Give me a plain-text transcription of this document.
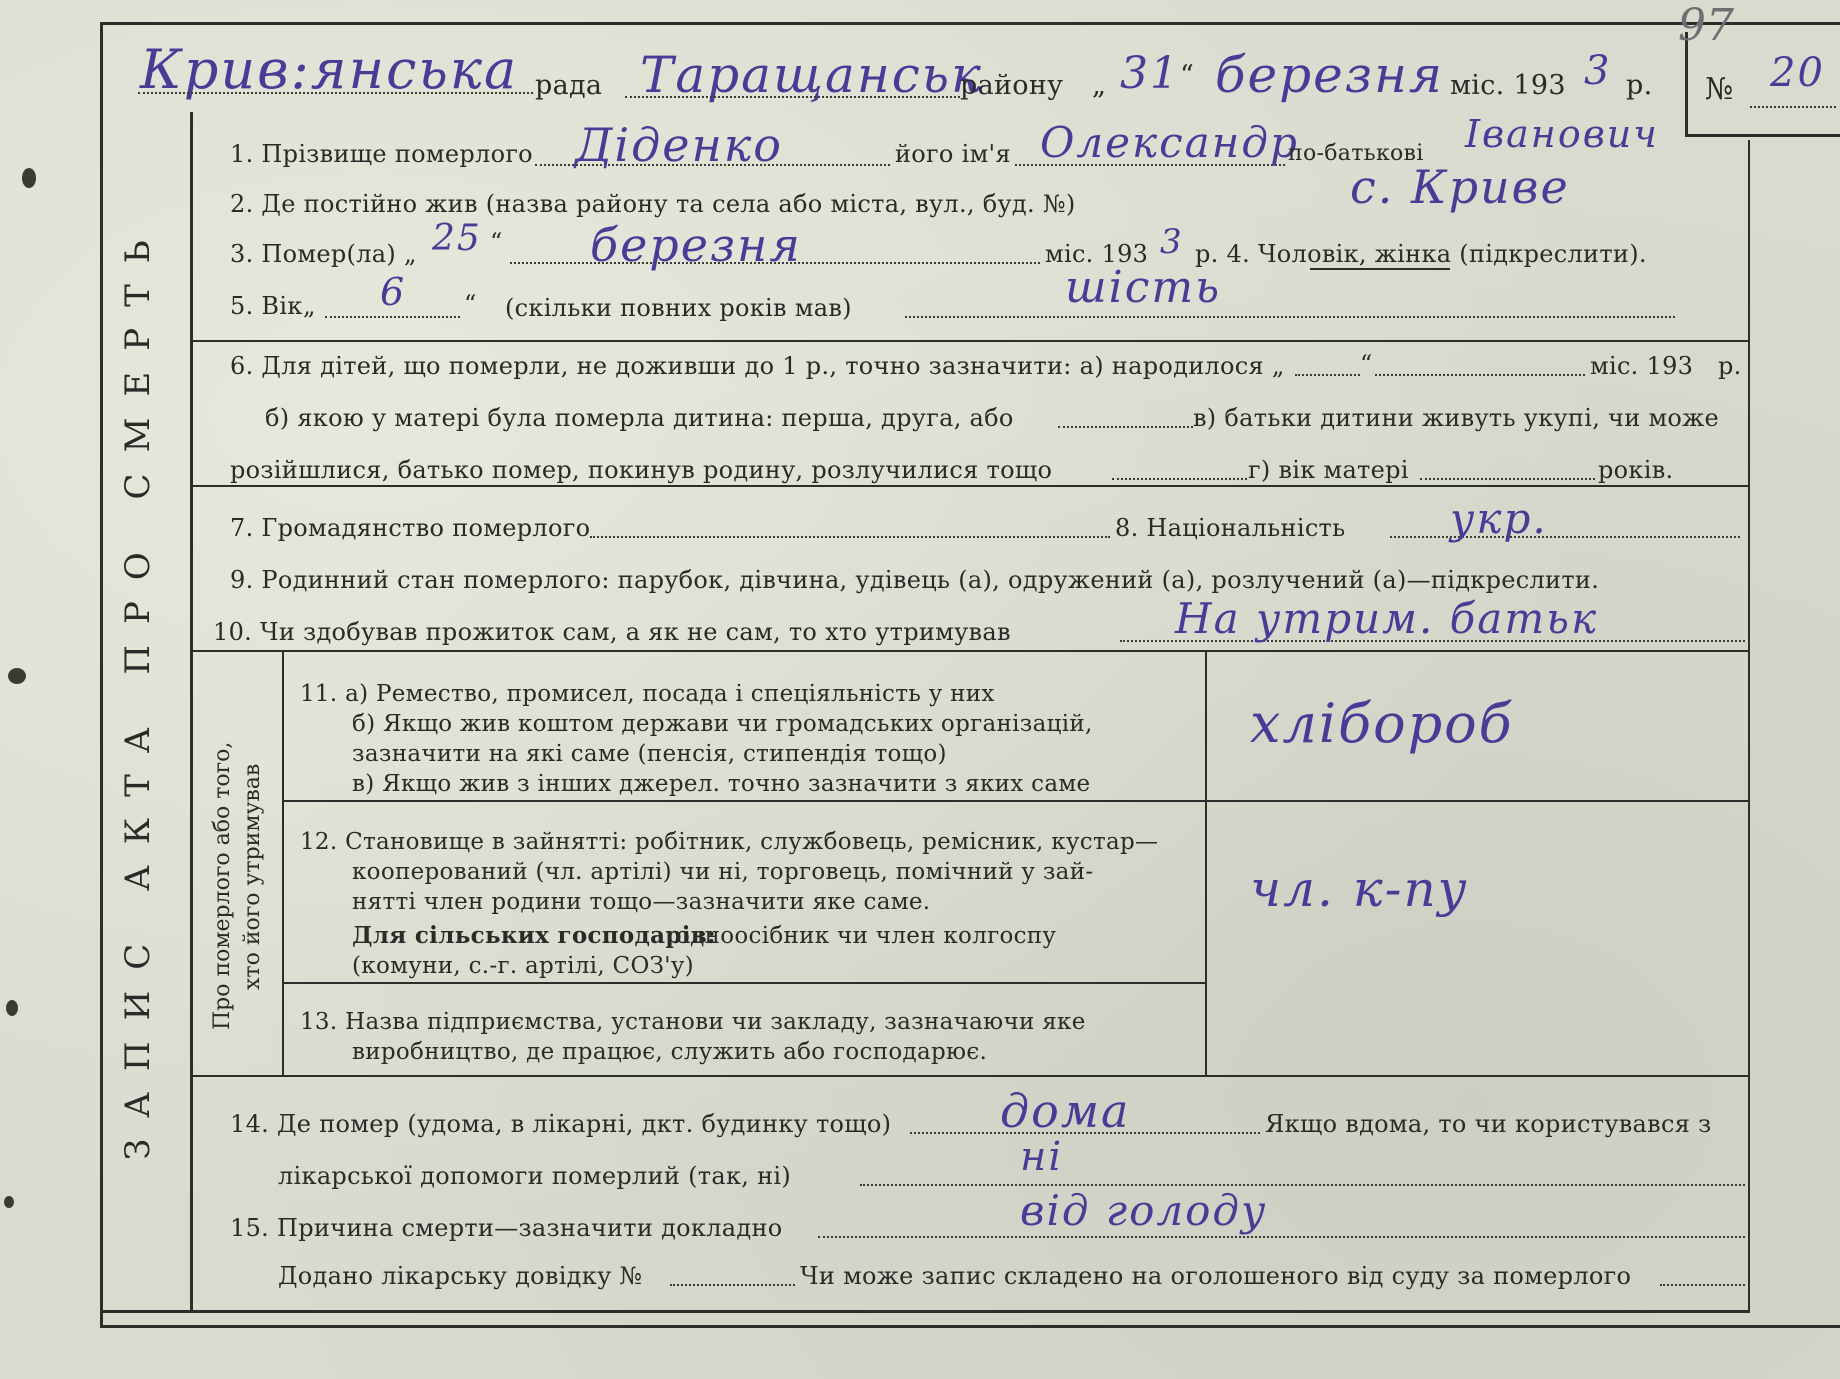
97
ЗАПИС АКТА ПРО СМЕРТЬ Про померлого або того, хто його утримував
Крив:янська рада Таращанськ
району „ 31 “ березня міс. 193 3 р. № 20
1. Прізвище померлого Діденко	його ім'я Олександр
по-батькові Іванович
2. Де постійно жив (назва району та села або міста, вул., буд. №)	с. Криве
3. Помер(ла) „ 25 “ березня	міс. 193 3 р. 4. Чоловік, жінка (підкреслити).
5. Вік „ 6 “ (скільки повних років мав)	шість
6. Для дітей, що померли, не доживши до 1 р., точно зазначити: а) народилося „	“	міс. 193 р.
б) якою у матері була померла дитина: перша, друга, або	в) батьки дитини живуть укупі, чи може
розійшлися, батько помер, покинув родину, розлучилися тощо	г) вік матері	років.
7. Громадянство померлого	8. Національність укр.
9. Родинний стан померлого: парубок, дівчина, удівець (а), одружений (а), розлучений (а)—підкреслити.
10. Чи здобував прожиток сам, а як не сам, то хто утримував	На утрим. батьк
11. а) Ремество, промисел, посада і спеціяльність у них
б) Якщо жив коштом держави чи громадських організацій,
зазначити на які саме (пенсія, стипендія тощо)
в) Якщо жив з інших джерел. точно зазначити з яких саме
хлібороб
12. Становище в зайнятті: робітник, службовець, ремісник, кустар—
кооперований (чл. артілі) чи ні, торговець, помічний у зай-
нятті член родини тощо—зазначити яке саме.
Для сільських господарів:
одноосібник чи член колгоспу
(комуни, с.-г. артілі, СОЗ'у)
чл. к-пу
13. Назва підприємства, установи чи закладу, зазначаючи яке
виробництво, де працює, служить або господарює.
14. Де помер (удома, в лікарні, дкт. будинку тощо) дома	Якщо вдома, то чи користувався з
лікарської допомоги померлий (так, ні)	ні
15. Причина смерти—зазначити докладно	від голоду
Додано лікарську довідку №	Чи може запис складено на оголошеного від суду за померлого
